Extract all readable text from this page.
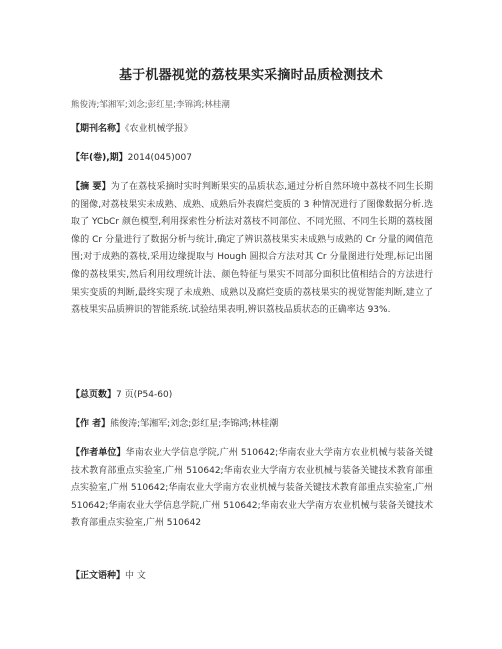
基于机器视觉的荔枝果实采摘时品质检测技术

熊俊涛;邹湘军;刘念;彭红星;李锦鸿;林桂潮

【期刊名称】《农业机械学报》

【年(卷),期】2014(045)007

【摘 要】为了在荔枝采摘时实时判断果实的品质状态,通过分析自然环境中荔枝不同生长期的图像,对荔枝果实未成熟、成熟、成熟后外表腐烂变质的 3 种情况进行了图像数据分析.选取了 YCbCr 颜色模型,利用探索性分析法对荔枝不同部位、不同光照、不同生长期的荔枝图像的 Cr 分量进行了数据分析与统计,确定了辨识荔枝果实未成熟与成熟的 Cr 分量的阈值范围;对于成熟的荔枝,采用边缘提取与 Hough 圆拟合方法对其 Cr 分量图进行处理,标记出图像的荔枝果实,然后利用纹理统计法、颜色特征与果实不同部分面积比值相结合的方法进行果实变质的判断,最终实现了未成熟、成熟以及腐烂变质的荔枝果实的视觉智能判断,建立了荔枝果实品质辨识的智能系统.试验结果表明,辨识荔枝品质状态的正确率达 93%.

【总页数】7 页(P54-60)

【作 者】熊俊涛;邹湘军;刘念;彭红星;李锦鸿;林桂潮

【作者单位】华南农业大学信息学院,广州 510642;华南农业大学南方农业机械与装备关键技术教育部重点实验室,广州 510642;华南农业大学南方农业机械与装备关键技术教育部重点实验室,广州 510642;华南农业大学南方农业机械与装备关键技术教育部重点实验室,广州 510642;华南农业大学信息学院,广州 510642;华南农业大学南方农业机械与装备关键技术教育部重点实验室,广州 510642

【正文语种】中 文
